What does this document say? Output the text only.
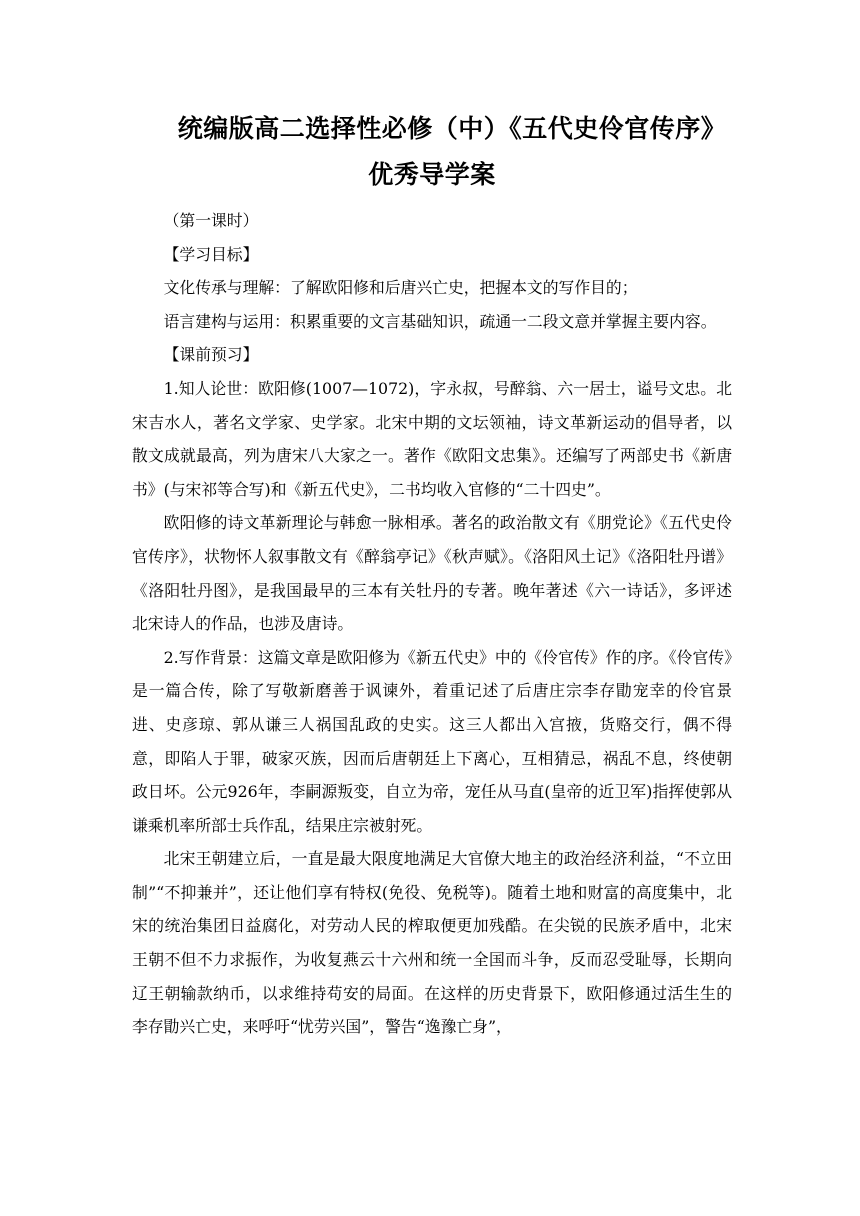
统编版高二选择性必修（中）《五代史伶官传序》
优秀导学案

（第一课时）

【学习目标】

文化传承与理解：了解欧阳修和后唐兴亡史，把握本文的写作目的；

语言建构与运用：积累重要的文言基础知识，疏通一二段文意并掌握主要内容。

【课前预习】

1.知人论世：欧阳修(1007—1072)，字永叔，号醉翁、六一居士，谥号文忠。北宋吉水人，著名文学家、史学家。北宋中期的文坛领袖，诗文革新运动的倡导者，以散文成就最高，列为唐宋八大家之一。著作《欧阳文忠集》。还编写了两部史书《新唐书》(与宋祁等合写)和《新五代史》，二书均收入官修的“二十四史”。

欧阳修的诗文革新理论与韩愈一脉相承。著名的政治散文有《朋党论》《五代史伶官传序》，状物怀人叙事散文有《醉翁亭记》《秋声赋》。《洛阳风土记》《洛阳牡丹谱》《洛阳牡丹图》，是我国最早的三本有关牡丹的专著。晚年著述《六一诗话》，多评述北宋诗人的作品，也涉及唐诗。

2.写作背景：这篇文章是欧阳修为《新五代史》中的《伶官传》作的序。《伶官传》是一篇合传，除了写敬新磨善于讽谏外，着重记述了后唐庄宗李存勖宠幸的伶官景进、史彦琼、郭从谦三人祸国乱政的史实。这三人都出入宫掖，货赂交行，偶不得意，即陷人于罪，破家灭族，因而后唐朝廷上下离心，互相猜忌，祸乱不息，终使朝政日坏。公元926年，李嗣源叛变，自立为帝，宠任从马直(皇帝的近卫军)指挥使郭从谦乘机率所部士兵作乱，结果庄宗被射死。

北宋王朝建立后，一直是最大限度地满足大官僚大地主的政治经济利益，“不立田制”“不抑兼并”，还让他们享有特权(免役、免税等)。随着土地和财富的高度集中，北宋的统治集团日益腐化，对劳动人民的榨取便更加残酷。在尖锐的民族矛盾中，北宋王朝不但不力求振作，为收复燕云十六州和统一全国而斗争，反而忍受耻辱，长期向辽王朝输款纳币，以求维持苟安的局面。在这样的历史背景下，欧阳修通过活生生的李存勖兴亡史，来呼吁“忧劳兴国”，警告“逸豫亡身”，
